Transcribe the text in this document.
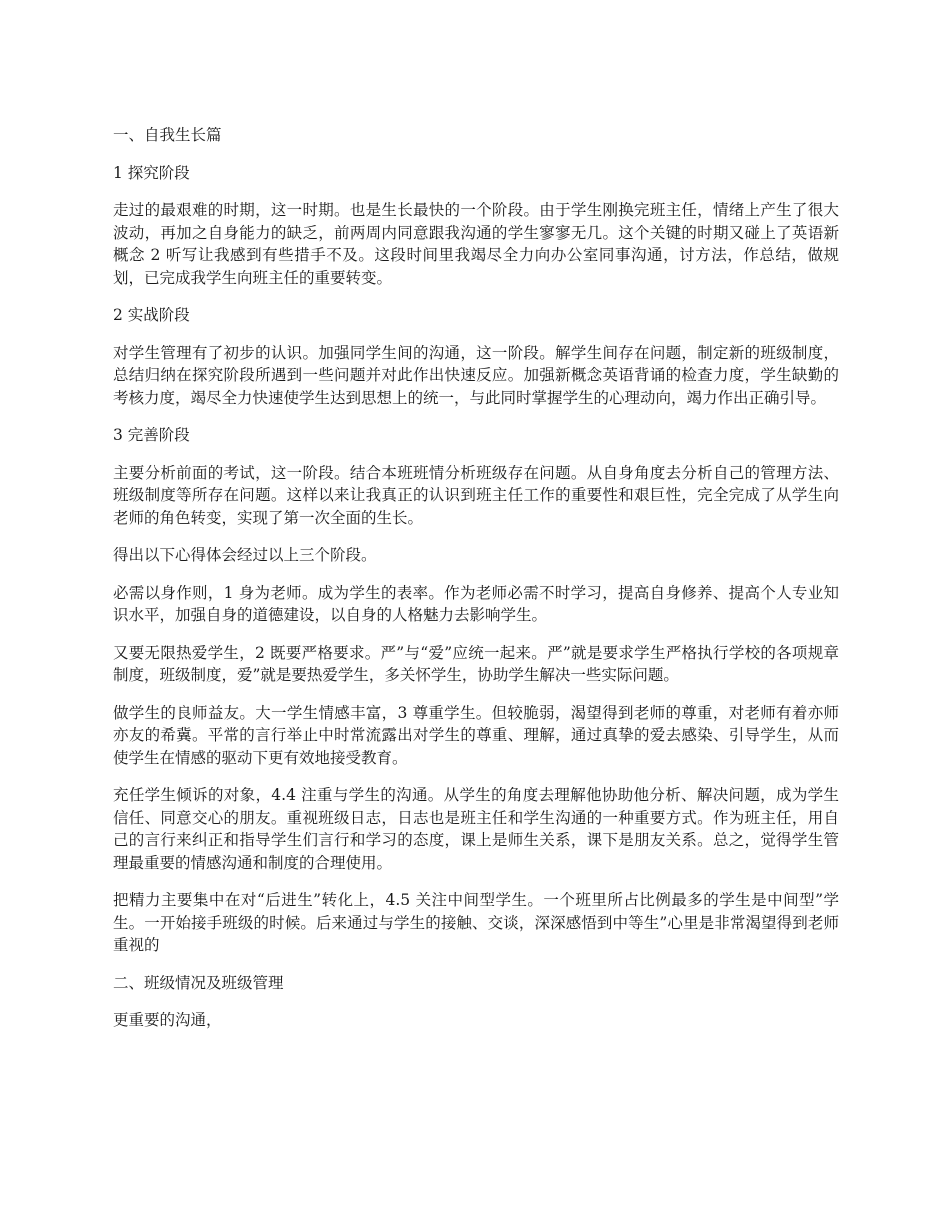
一、自我生长篇

1 探究阶段

走过的最艰难的时期，这一时期。也是生长最快的一个阶段。由于学生刚换完班主任，情绪上产生了很大波动，再加之自身能力的缺乏，前两周内同意跟我沟通的学生寥寥无几。这个关键的时期又碰上了英语新概念 2 听写让我感到有些措手不及。这段时间里我竭尽全力向办公室同事沟通，讨方法，作总结，做规划，已完成我学生向班主任的重要转变。

2 实战阶段

对学生管理有了初步的认识。加强同学生间的沟通，这一阶段。解学生间存在问题，制定新的班级制度，总结归纳在探究阶段所遇到一些问题并对此作出快速反应。加强新概念英语背诵的检查力度，学生缺勤的考核力度，竭尽全力快速使学生达到思想上的统一，与此同时掌握学生的心理动向，竭力作出正确引导。

3 完善阶段

主要分析前面的考试，这一阶段。结合本班班情分析班级存在问题。从自身角度去分析自己的管理方法、班级制度等所存在问题。这样以来让我真正的认识到班主任工作的重要性和艰巨性，完全完成了从学生向老师的角色转变，实现了第一次全面的生长。

得出以下心得体会经过以上三个阶段。

必需以身作则，1 身为老师。成为学生的表率。作为老师必需不时学习，提高自身修养、提高个人专业知识水平，加强自身的道德建设，以自身的人格魅力去影响学生。

又要无限热爱学生，2 既要严格要求。严”与“爱”应统一起来。严”就是要求学生严格执行学校的各项规章制度，班级制度，爱”就是要热爱学生，多关怀学生，协助学生解决一些实际问题。

做学生的良师益友。大一学生情感丰富，3 尊重学生。但较脆弱，渴望得到老师的尊重，对老师有着亦师亦友的希冀。平常的言行举止中时常流露出对学生的尊重、理解，通过真挚的爱去感染、引导学生，从而使学生在情感的驱动下更有效地接受教育。

充任学生倾诉的对象，4.4 注重与学生的沟通。从学生的角度去理解他协助他分析、解决问题，成为学生信任、同意交心的朋友。重视班级日志，日志也是班主任和学生沟通的一种重要方式。作为班主任，用自己的言行来纠正和指导学生们言行和学习的态度，课上是师生关系，课下是朋友关系。总之，觉得学生管理最重要的情感沟通和制度的合理使用。

把精力主要集中在对“后进生”转化上，4.5 关注中间型学生。一个班里所占比例最多的学生是中间型”学生。一开始接手班级的时候。后来通过与学生的接触、交谈，深深感悟到中等生”心里是非常渴望得到老师重视的

二、班级情况及班级管理

更重要的沟通，
